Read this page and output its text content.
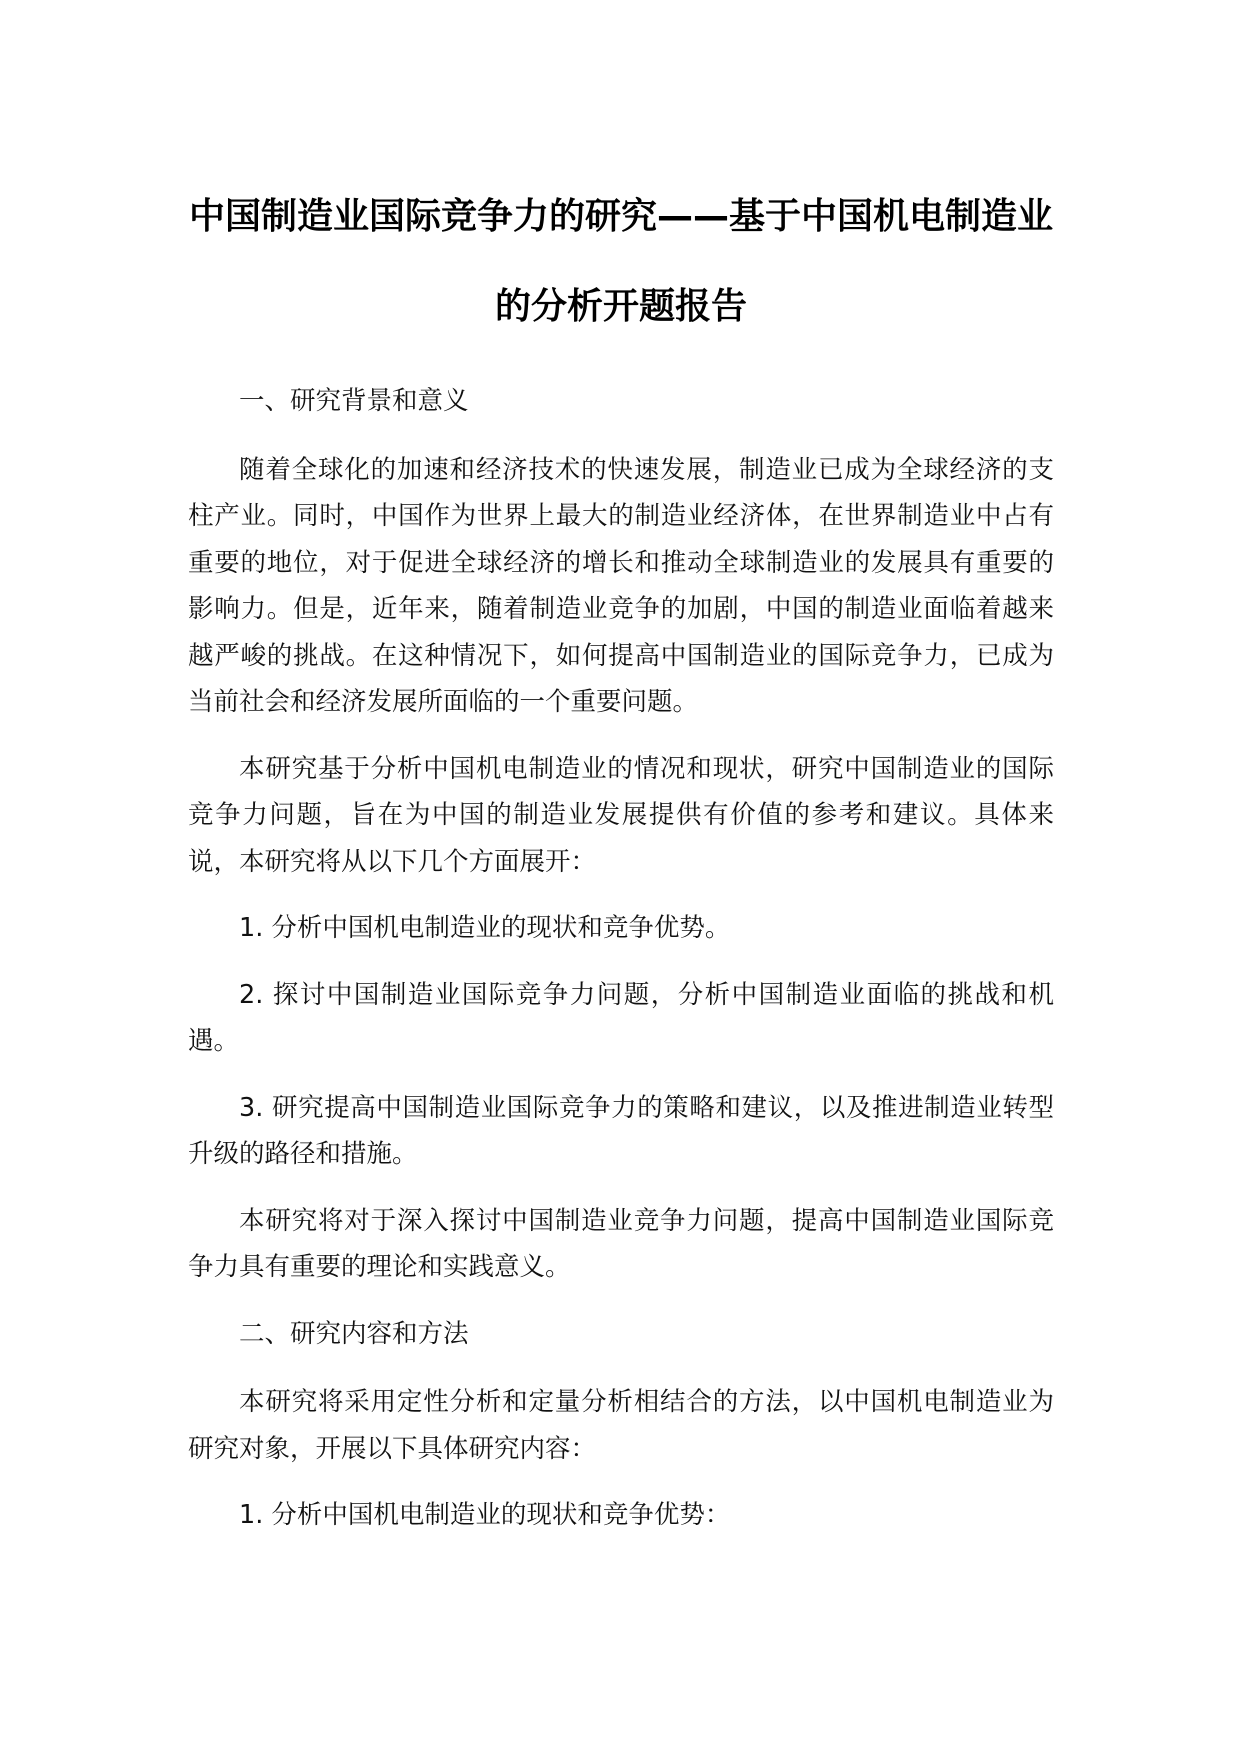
中国制造业国际竞争力的研究——基于中国机电制造业的分析开题报告

一、研究背景和意义

随着全球化的加速和经济技术的快速发展，制造业已成为全球经济的支柱产业。同时，中国作为世界上最大的制造业经济体，在世界制造业中占有重要的地位，对于促进全球经济的增长和推动全球制造业的发展具有重要的影响力。但是，近年来，随着制造业竞争的加剧，中国的制造业面临着越来越严峻的挑战。在这种情况下，如何提高中国制造业的国际竞争力，已成为当前社会和经济发展所面临的一个重要问题。

本研究基于分析中国机电制造业的情况和现状，研究中国制造业的国际竞争力问题，旨在为中国的制造业发展提供有价值的参考和建议。具体来说，本研究将从以下几个方面展开：

1. 分析中国机电制造业的现状和竞争优势。

2. 探讨中国制造业国际竞争力问题，分析中国制造业面临的挑战和机遇。

3. 研究提高中国制造业国际竞争力的策略和建议，以及推进制造业转型升级的路径和措施。

本研究将对于深入探讨中国制造业竞争力问题，提高中国制造业国际竞争力具有重要的理论和实践意义。

二、研究内容和方法

本研究将采用定性分析和定量分析相结合的方法，以中国机电制造业为研究对象，开展以下具体研究内容：

1. 分析中国机电制造业的现状和竞争优势：
